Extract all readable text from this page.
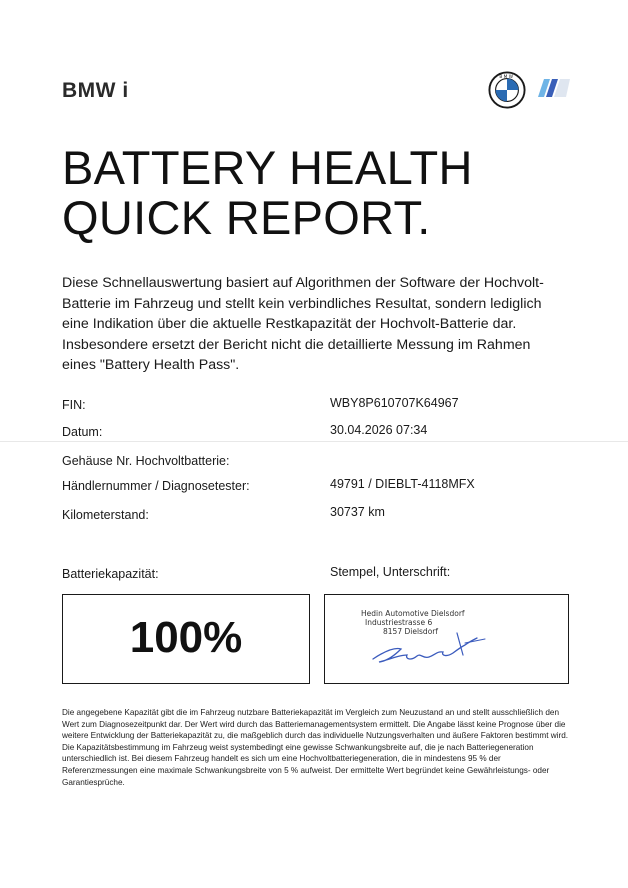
BMW i
B M W
BATTERY HEALTH
QUICK REPORT.

Diese Schnellauswertung basiert auf Algorithmen der Software der Hochvolt-Batterie im Fahrzeug und stellt kein verbindliches Resultat, sondern lediglich eine Indikation über die aktuelle Restkapazität der Hochvolt-Batterie dar. Insbesondere ersetzt der Bericht nicht die detaillierte Messung im Rahmen eines "Battery Health Pass".

FIN:	WBY8P610707K64967
Datum:	30.04.2026 07:34
Gehäuse Nr. Hochvoltbatterie:
Händlernummer / Diagnosetester:	49791 / DIEBLT-4118MFX
Kilometerstand:	30737 km
Batteriekapazität:	Stempel, Unterschrift:
100%	Hedin Automotive Dielsdorf
Industriestrasse 6
8157 Dielsdorf

Die angegebene Kapazität gibt die im Fahrzeug nutzbare Batteriekapazität im Vergleich zum Neuzustand an und stellt ausschließlich den Wert zum Diagnosezeitpunkt dar. Der Wert wird durch das Batteriemanagementsystem ermittelt. Die Angabe lässt keine Prognose über die weitere Entwicklung der Batteriekapazität zu, die maßgeblich durch das individuelle Nutzungsverhalten und äußere Faktoren bestimmt wird. Die Kapazitätsbestimmung im Fahrzeug weist systembedingt eine gewisse Schwankungsbreite auf, die je nach Batteriegeneration unterschiedlich ist. Bei diesem Fahrzeug handelt es sich um eine Hochvoltbatteriegeneration, die in mindestens 95 % der Referenzmessungen eine maximale Schwankungsbreite von 5 % aufweist. Der ermittelte Wert begründet keine Gewährleistungs- oder Garantiesprüche.
